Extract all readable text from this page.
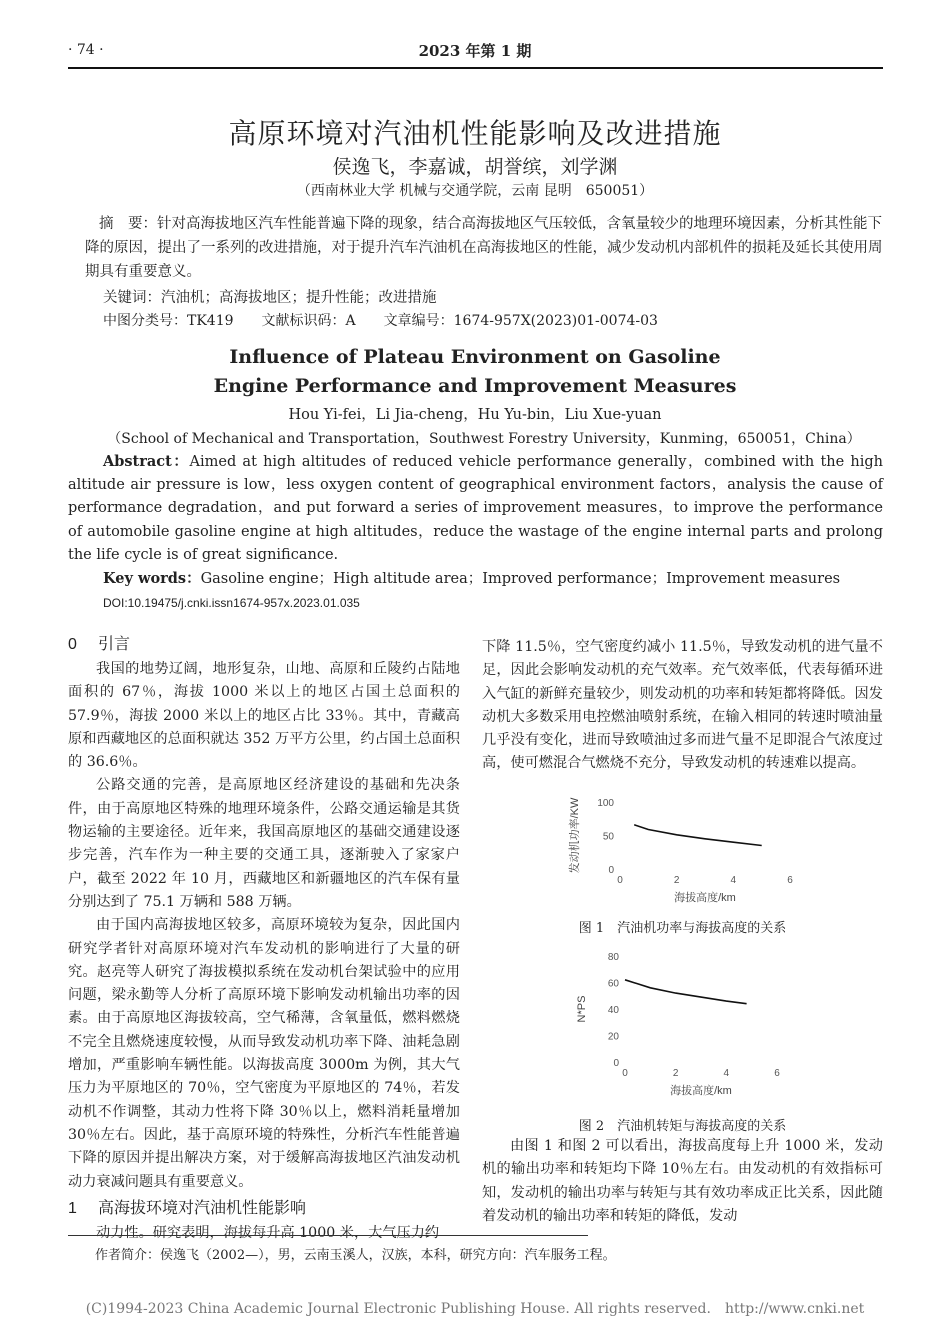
· 74 ·	2023 年第 1 期
高原环境对汽油机性能影响及改进措施
侯逸飞，李嘉诚，胡誉缤，刘学渊
（西南林业大学 机械与交通学院，云南 昆明　650051）
摘　要：针对高海拔地区汽车性能普遍下降的现象，结合高海拔地区气压较低，含氧量较少的地理环境因素，分析其性能下降的原因，提出了一系列的改进措施，对于提升汽车汽油机在高海拔地区的性能，减少发动机内部机件的损耗及延长其使用周期具有重要意义。
关键词：汽油机；高海拔地区；提升性能；改进措施
中图分类号：TK419　　文献标识码：A　　文章编号：1674-957X(2023)01-0074-03
Influence of Plateau Environment on Gasoline
Engine Performance and Improvement Measures
Hou Yi-fei，Li Jia-cheng，Hu Yu-bin，Liu Xue-yuan
（School of Mechanical and Transportation，Southwest Forestry University，Kunming，650051，China）
Abstract：Aimed at high altitudes of reduced vehicle performance generally，combined with the high altitude air pressure is low，less oxygen content of geographical environment factors，analysis the cause of performance degradation，and put forward a series of improvement measures，to improve the performance of automobile gasoline engine at high altitudes，reduce the wastage of the engine internal parts and prolong the life cycle is of great significance.
Key words：Gasoline engine；High altitude area；Improved performance；Improvement measures
DOI:10.19475/j.cnki.issn1674-957x.2023.01.035
0 引言

我国的地势辽阔，地形复杂，山地、高原和丘陵约占陆地面积的 67％，海拔 1000 米以上的地区占国土总面积的 57.9％，海拔 2000 米以上的地区占比 33％。其中，青藏高原和西藏地区的总面积就达 352 万平方公里，约占国土总面积的 36.6％。

公路交通的完善，是高原地区经济建设的基础和先决条件，由于高原地区特殊的地理环境条件，公路交通运输是其货物运输的主要途径。近年来，我国高原地区的基础交通建设逐步完善，汽车作为一种主要的交通工具，逐渐驶入了家家户户，截至 2022 年 10 月，西藏地区和新疆地区的汽车保有量分别达到了 75.1 万辆和 588 万辆。

由于国内高海拔地区较多，高原环境较为复杂，因此国内研究学者针对高原环境对汽车发动机的影响进行了大量的研究。赵亮等人研究了海拔模拟系统在发动机台架试验中的应用问题，梁永勤等人分析了高原环境下影响发动机输出功率的因素。由于高原地区海拔较高，空气稀薄，含氧量低，燃料燃烧不完全且燃烧速度较慢，从而导致发动机功率下降、油耗急剧增加，严重影响车辆性能。以海拔高度 3000m 为例，其大气压力为平原地区的 70％，空气密度为平原地区的 74％，若发动机不作调整，其动力性将下降 30％以上，燃料消耗量增加 30％左右。因此，基于高原环境的特殊性，分析汽车性能普遍下降的原因并提出解决方案，对于缓解高海拔地区汽油发动机动力衰减问题具有重要意义。

1 高海拔环境对汽油机性能影响

动力性。研究表明，海拔每升高 1000 米，大气压力约

下降 11.5％，空气密度约减小 11.5％，导致发动机的进气量不足，因此会影响发动机的充气效率。充气效率低，代表每循环进入气缸的新鲜充量较少，则发动机的功率和转矩都将降低。因发动机大多数采用电控燃油喷射系统，在输入相同的转速时喷油量几乎没有变化，进而导致喷油过多而进气量不足即混合气浓度过高，使可燃混合气燃烧不充分，导致发动机的转速难以提高。

0
50
100
0	2	4	6
海拔高度/km
发动机功率/KW
图 1　汽油机功率与海拔高度的关系
0
20
40
60
80
0	2	4	6
海拔高度/km
N*PS
图 2　汽油机转矩与海拔高度的关系

由图 1 和图 2 可以看出，海拔高度每上升 1000 米，发动机的输出功率和转矩均下降 10％左右。由发动机的有效指标可知，发动机的输出功率与转矩与其有效功率成正比关系，因此随着发动机的输出功率和转矩的降低，发动

作者简介：侯逸飞（2002—），男，云南玉溪人，汉族，本科，研究方向：汽车服务工程。
(C)1994-2023 China Academic Journal Electronic Publishing House. All rights reserved.　http://www.cnki.net
